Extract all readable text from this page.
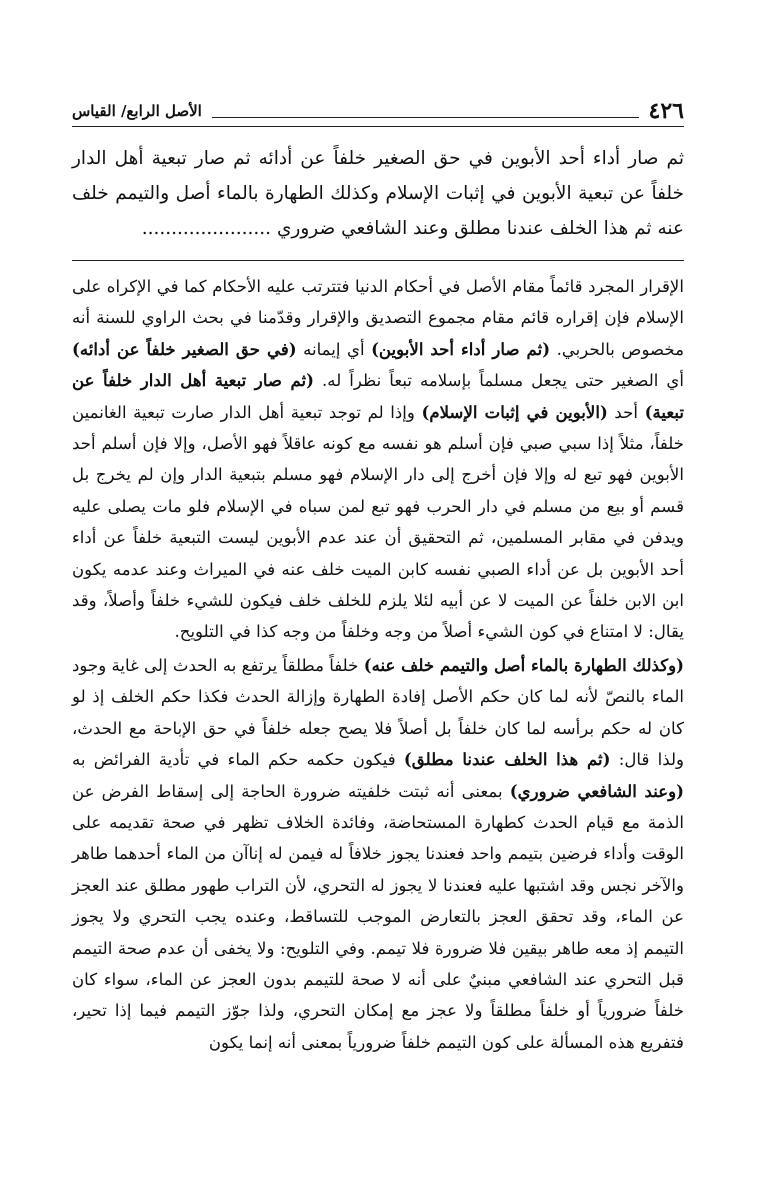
٤٢٦
الأصل الرابع/ القياس
ثم صار أداء أحد الأبوين في حق الصغير خلفاً عن أدائه ثم صار تبعية أهل الدار خلفاً عن تبعية الأبوين في إثبات الإسلام وكذلك الطهارة بالماء أصل والتيمم خلف عنه ثم هذا الخلف عندنا مطلق وعند الشافعي ضروري ......................

الإقرار المجرد قائماً مقام الأصل في أحكام الدنيا فتترتب عليه الأحكام كما في الإكراه على الإسلام فإن إقراره قائم مقام مجموع التصديق والإقرار وقدّمنا في بحث الراوي للسنة أنه مخصوص بالحربي. (ثم صار أداء أحد الأبوين) أي إيمانه (في حق الصغير خلفاً عن أدائه) أي الصغير حتى يجعل مسلماً بإسلامه تبعاً نظراً له. (ثم صار تبعية أهل الدار خلفاً عن تبعية) أحد (الأبوين في إثبات الإسلام) وإذا لم توجد تبعية أهل الدار صارت تبعية الغانمين خلفاً، مثلاً إذا سبي صبي فإن أسلم هو نفسه مع كونه عاقلاً فهو الأصل، وإلا فإن أسلم أحد الأبوين فهو تبع له وإلا فإن أخرج إلى دار الإسلام فهو مسلم بتبعية الدار وإن لم يخرج بل قسم أو بيع من مسلم في دار الحرب فهو تبع لمن سباه في الإسلام فلو مات يصلى عليه ويدفن في مقابر المسلمين، ثم التحقيق أن عند عدم الأبوين ليست التبعية خلفاً عن أداء أحد الأبوين بل عن أداء الصبي نفسه كابن الميت خلف عنه في الميراث وعند عدمه يكون ابن الابن خلفاً عن الميت لا عن أبيه لئلا يلزم للخلف خلف فيكون للشيء خلفاً وأصلاً، وقد يقال: لا امتناع في كون الشيء أصلاً من وجه وخلفاً من وجه كذا في التلويح.

(وكذلك الطهارة بالماء أصل والتيمم خلف عنه) خلفاً مطلقاً يرتفع به الحدث إلى غاية وجود الماء بالنصّ لأنه لما كان حكم الأصل إفادة الطهارة وإزالة الحدث فكذا حكم الخلف إذ لو كان له حكم برأسه لما كان خلفاً بل أصلاً فلا يصح جعله خلفاً في حق الإباحة مع الحدث، ولذا قال: (ثم هذا الخلف عندنا مطلق) فيكون حكمه حكم الماء في تأدية الفرائض به (وعند الشافعي ضروري) بمعنى أنه ثبتت خلفيته ضرورة الحاجة إلى إسقاط الفرض عن الذمة مع قيام الحدث كطهارة المستحاضة، وفائدة الخلاف تظهر في صحة تقديمه على الوقت وأداء فرضين بتيمم واحد فعندنا يجوز خلافاً له فيمن له إناآن من الماء أحدهما طاهر والآخر نجس وقد اشتبها عليه فعندنا لا يجوز له التحري، لأن التراب طهور مطلق عند العجز عن الماء، وقد تحقق العجز بالتعارض الموجب للتساقط، وعنده يجب التحري ولا يجوز التيمم إذ معه طاهر بيقين فلا ضرورة فلا تيمم. وفي التلويح: ولا يخفى أن عدم صحة التيمم قبل التحري عند الشافعي مبنيٌ على أنه لا صحة للتيمم بدون العجز عن الماء، سواء كان خلفاً ضرورياً أو خلفاً مطلقاً ولا عجز مع إمكان التحري، ولذا جوّز التيمم فيما إذا تحير، فتفريع هذه المسألة على كون التيمم خلفاً ضرورياً بمعنى أنه إنما يكون
